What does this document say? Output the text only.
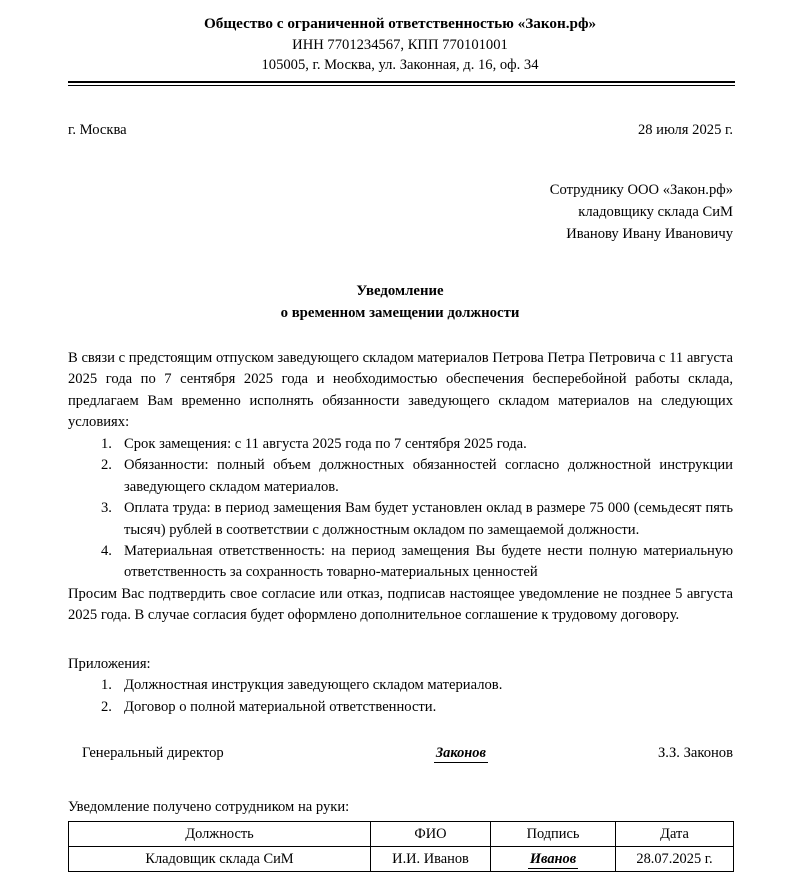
Общество с ограниченной ответственностью «Закон.рф»
ИНН 7701234567, КПП 770101001
105005, г. Москва, ул. Законная, д. 16, оф. 34
г. Москва	28 июля 2025 г.
Сотруднику ООО «Закон.рф»
кладовщику склада СиМ
Иванову Ивану Ивановичу
Уведомление
о временном замещении должности

В связи с предстоящим отпуском заведующего складом материалов Петрова Петра Петровича с 11 августа 2025 года по 7 сентября 2025 года и необходимостью обеспечения бесперебойной работы склада, предлагаем Вам временно исполнять обязанности заведующего складом материалов на следующих условиях:

Срок замещения: с 11 августа 2025 года по 7 сентября 2025 года.
Обязанности: полный объем должностных обязанностей согласно должностной инструкции заведующего складом материалов.
Оплата труда: в период замещения Вам будет установлен оклад в размере 75 000 (семьдесят пять тысяч) рублей в соответствии с должностным окладом по замещаемой должности.
Материальная ответственность: на период замещения Вы будете нести полную материальную ответственность за сохранность товарно-материальных ценностей

Просим Вас подтвердить свое согласие или отказ, подписав настоящее уведомление не позднее 5 августа 2025 года. В случае согласия будет оформлено дополнительное соглашение к трудовому договору.

Приложения:
Должностная инструкция заведующего складом материалов.
Договор о полной материальной ответственности.
Генеральный директор	Законов	З.З. Законов
Уведомление получено сотрудником на руки:
Должность	ФИО	Подпись	Дата
Кладовщик склада СиМ	И.И. Иванов	Иванов	28.07.2025 г.
